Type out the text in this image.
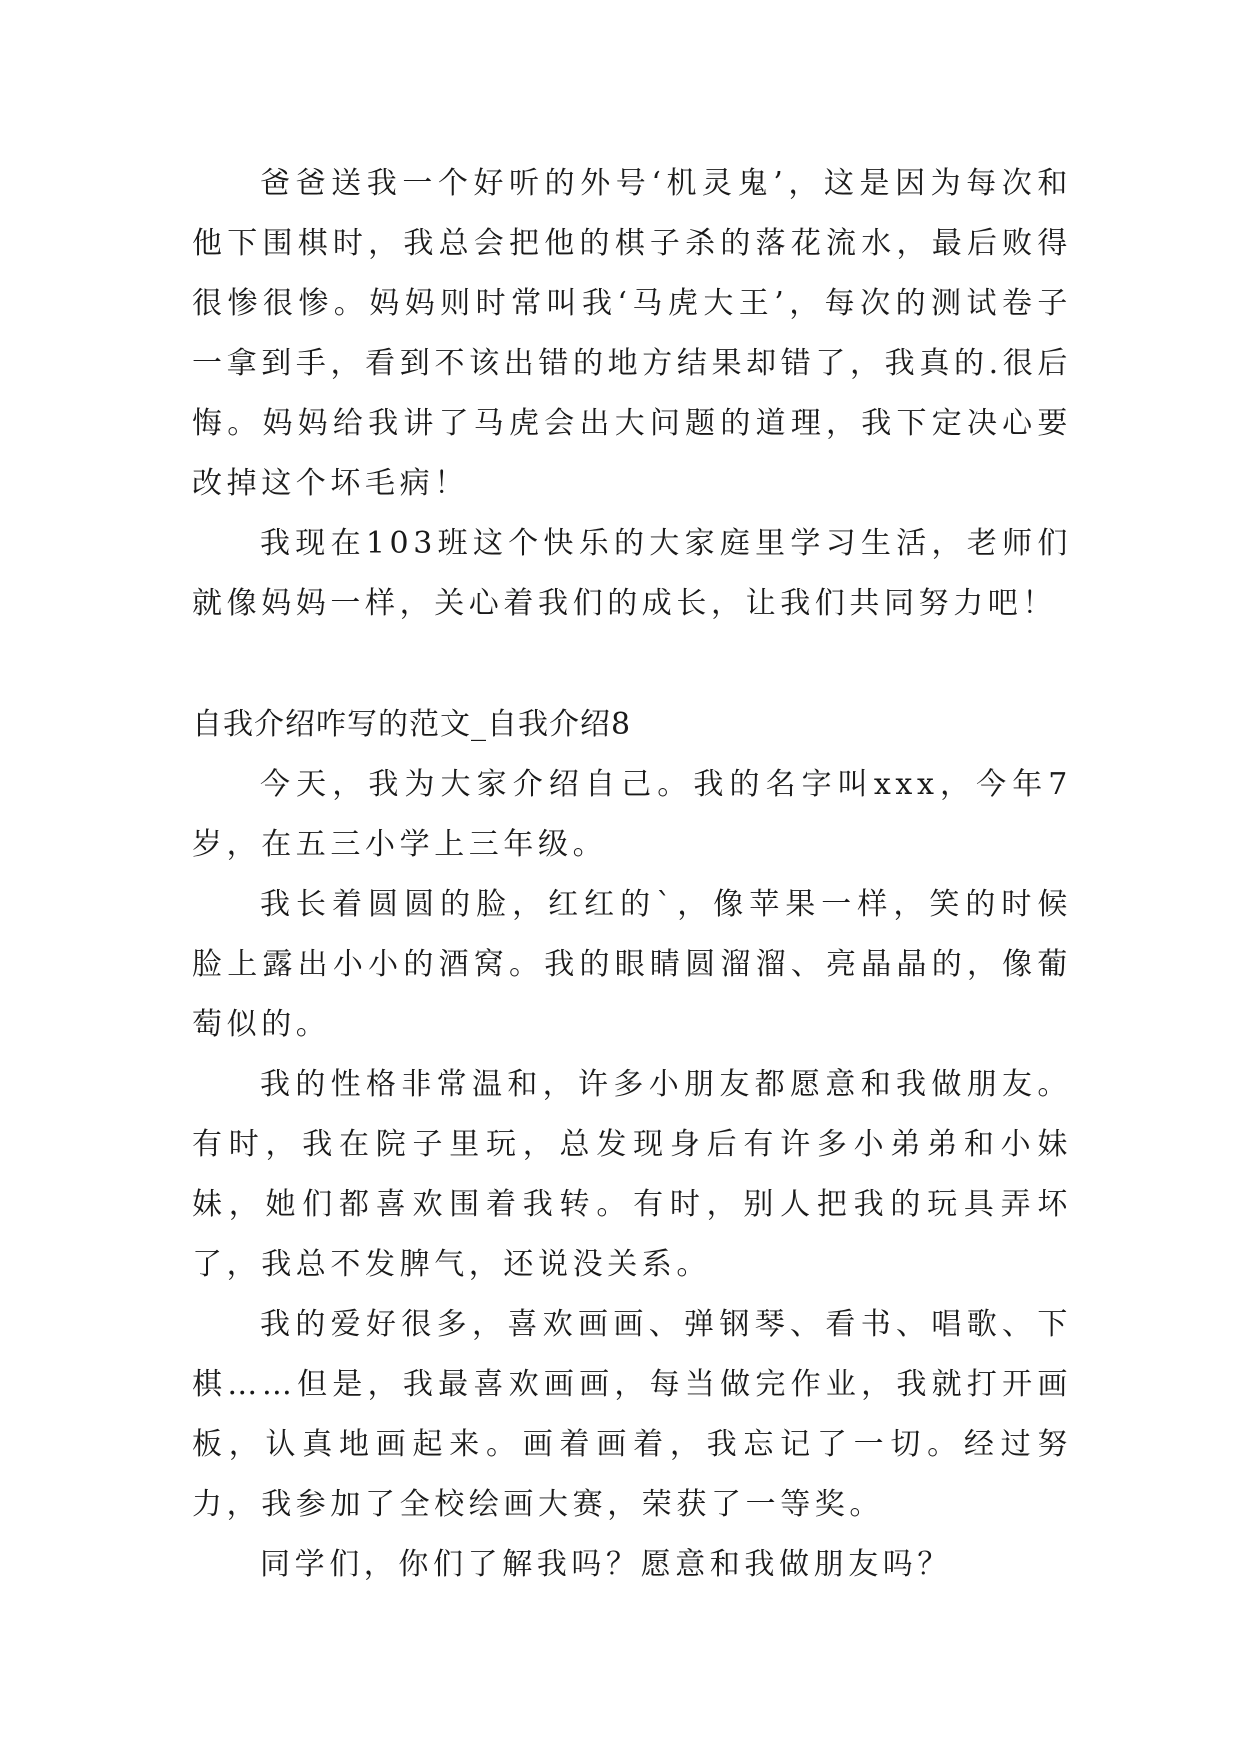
爸爸送我一个好听的外号‘机灵鬼’，这是因为每次和他下围棋时，我总会把他的棋子杀的落花流水，最后败得很惨很惨。妈妈则时常叫我‘马虎大王’，每次的测试卷子一拿到手，看到不该出错的地方结果却错了，我真的.很后悔。妈妈给我讲了马虎会出大问题的道理，我下定决心要改掉这个坏毛病！

我现在103班这个快乐的大家庭里学习生活，老师们就像妈妈一样，关心着我们的成长，让我们共同努力吧！

自我介绍咋写的范文_自我介绍8

今天，我为大家介绍自己。我的名字叫xxx，今年7岁，在五三小学上三年级。

我长着圆圆的脸，红红的`，像苹果一样，笑的时候脸上露出小小的酒窝。我的眼睛圆溜溜、亮晶晶的，像葡萄似的。

我的性格非常温和，许多小朋友都愿意和我做朋友。有时，我在院子里玩，总发现身后有许多小弟弟和小妹妹，她们都喜欢围着我转。有时，别人把我的玩具弄坏了，我总不发脾气，还说没关系。

我的爱好很多，喜欢画画、弹钢琴、看书、唱歌、下棋……但是，我最喜欢画画，每当做完作业，我就打开画板，认真地画起来。画着画着，我忘记了一切。经过努力，我参加了全校绘画大赛，荣获了一等奖。

同学们，你们了解我吗？愿意和我做朋友吗？
